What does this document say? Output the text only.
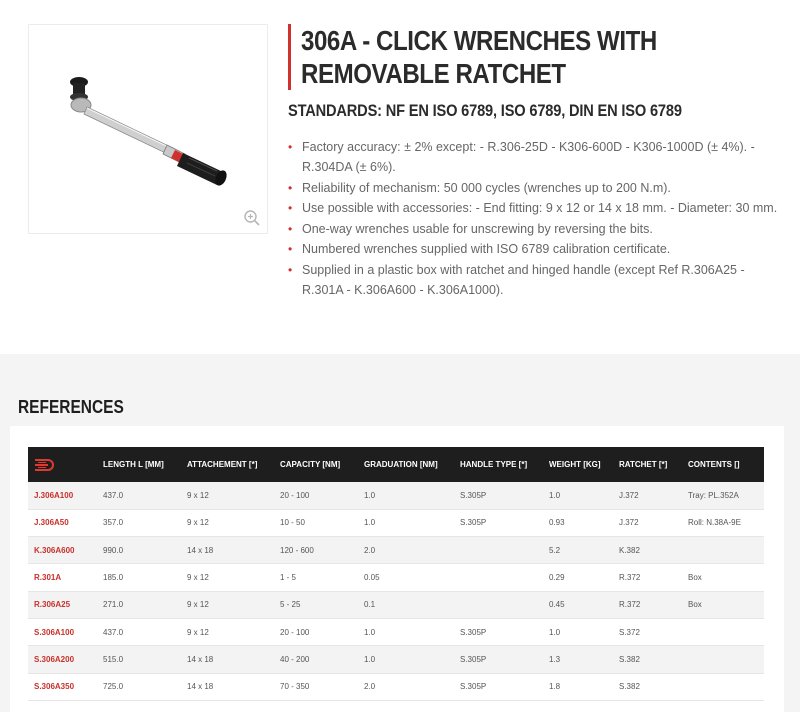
306A - CLICK WRENCHES WITH
REMOVABLE RATCHET
STANDARDS: NF EN ISO 6789, ISO 6789, DIN EN ISO 6789
• Factory accuracy: ± 2% except: - R.306-25D - K306-600D - K306-1000D (± 4%). - R.304DA (± 6%).
• Reliability of mechanism: 50 000 cycles (wrenches up to 200 N.m).
• Use possible with accessories: - End fitting: 9 x 12 or 14 x 18 mm. - Diameter: 30 mm.
• One-way wrenches usable for unscrewing by reversing the bits.
• Numbered wrenches supplied with ISO 6789 calibration certificate.
• Supplied in a plastic box with ratchet and hinged handle (except Ref R.306A25 - R.301A - K.306A600 - K.306A1000).
REFERENCES
	LENGTH L [MM]	ATTACHEMENT [*]	CAPACITY [NM]	GRADUATION [NM]	HANDLE TYPE [*]	WEIGHT [KG]	RATCHET [*]	CONTENTS []
J.306A100	437.0	9 x 12	20 - 100	1.0	S.305P	1.0	J.372	Tray: PL.352A
J.306A50	357.0	9 x 12	10 - 50	1.0	S.305P	0.93	J.372	Roll: N.38A-9E
K.306A600	990.0	14 x 18	120 - 600	2.0		5.2	K.382	
R.301A	185.0	9 x 12	1 - 5	0.05		0.29	R.372	Box
R.306A25	271.0	9 x 12	5 - 25	0.1		0.45	R.372	Box
S.306A100	437.0	9 x 12	20 - 100	1.0	S.305P	1.0	S.372	
S.306A200	515.0	14 x 18	40 - 200	1.0	S.305P	1.3	S.382	
S.306A350	725.0	14 x 18	70 - 350	2.0	S.305P	1.8	S.382	
